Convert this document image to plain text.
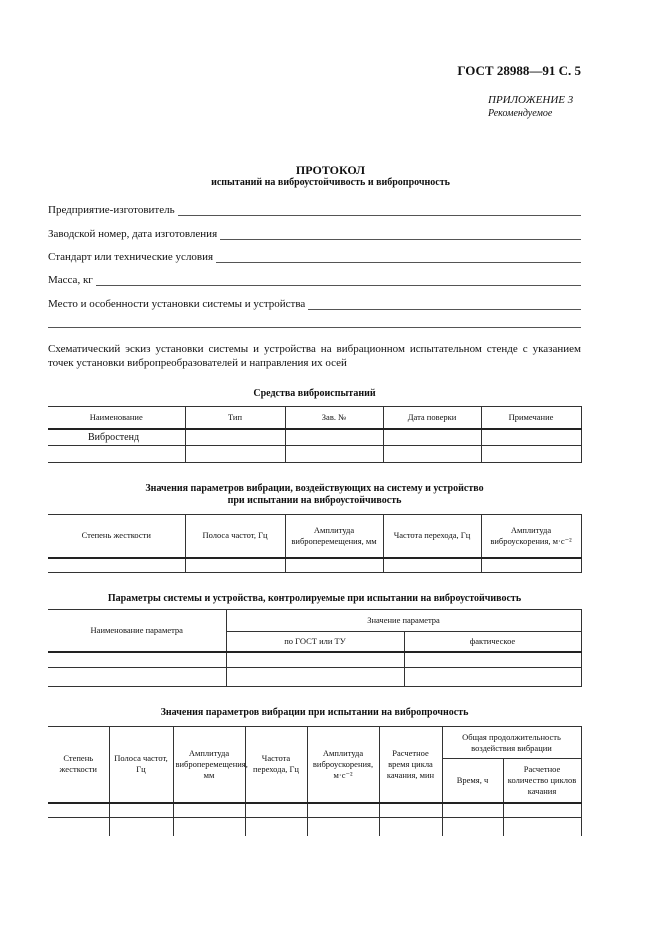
ГОСТ 28988—91 С. 5
ПРИЛОЖЕНИЕ 3
Рекомендуемое
ПРОТОКОЛ
испытаний на виброустойчивость и вибропрочность
Предприятие-изготовитель
Заводской номер, дата изготовления
Стандарт или технические условия
Масса, кг
Место и особенности установки системы и устройства
Схематический эскиз установки системы и устройства на вибрационном испытательном стенде с указанием точек установки вибропреобразователей и направления их осей
Средства виброиспытаний
Наименование	Тип	Зав. №	Дата поверки	Примечание
Вибростенд				

Значения параметров вибрации, воздействующих на систему и устройство
при испытании на виброустойчивость
Степень жесткости	Полоса частот, Гц	Амплитуда виброперемещения, мм	Частота перехода, Гц	Амплитуда виброускорения, м·с⁻²

Параметры системы и устройства, контролируемые при испытании на виброустойчивость
Наименование параметра	Значение параметра	
	по ГОСТ или ТУ	фактическое

Значения параметров вибрации при испытании на вибропрочность
Степень жесткости	Полоса частот, Гц	Амплитуда виброперемещения, мм	Частота перехода, Гц	Амплитуда виброускорения, м·с⁻²	Расчетное время цикла качания, мин	Общая продолжительность воздействия вибрации	
						Время, ч	Расчетное количество циклов качания
